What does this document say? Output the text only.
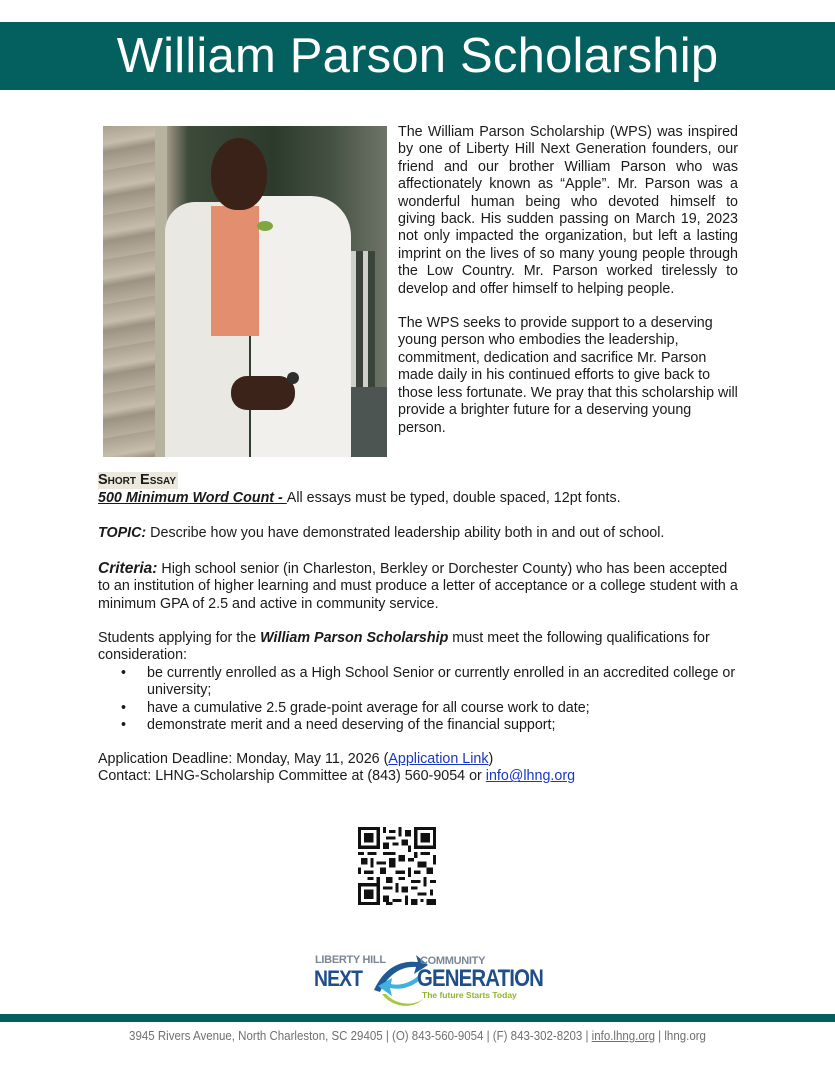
William Parson Scholarship

The William Parson Scholarship (WPS) was inspired by one of Liberty Hill Next Generation founders, our friend and our brother William Parson who was affectionately known as “Apple”. Mr. Parson was a wonderful human being who devoted himself to giving back. His sudden passing on March 19, 2023 not only impacted the organization, but left a lasting imprint on the lives of so many young people through the Low Country. Mr. Parson worked tirelessly to develop and offer himself to helping people.

The WPS seeks to provide support to a deserving young person who embodies the leadership, commitment, dedication and sacrifice Mr. Parson made daily in his continued efforts to give back to those less fortunate. We pray that this scholarship will provide a brighter future for a deserving young person.

Short Essay
500 Minimum Word Count - All essays must be typed, double spaced, 12pt fonts.
TOPIC: Describe how you have demonstrated leadership ability both in and out of school.
Criteria: High school senior (in Charleston, Berkley or Dorchester County) who has been accepted to an institution of higher learning and must produce a letter of acceptance or a college student with a minimum GPA of 2.5 and active in community service.
Students applying for the William Parson Scholarship must meet the following qualifications for consideration:
• be currently enrolled as a High School Senior or currently enrolled in an accredited college or university;
• have a cumulative 2.5 grade-point average for all course work to date;
• demonstrate merit and a need deserving of the financial support;
Application Deadline: Monday, May 11, 2026 (Application Link)
Contact: LHNG-Scholarship Committee at (843) 560-9054 or info@lhng.org
LIBERTY HILL
NEXT
COMMUNITY
GENERATION
The future Starts Today
3945 Rivers Avenue, North Charleston, SC 29405 | (O) 843-560-9054 | (F) 843-302-8203 | info.lhng.org | lhng.org
